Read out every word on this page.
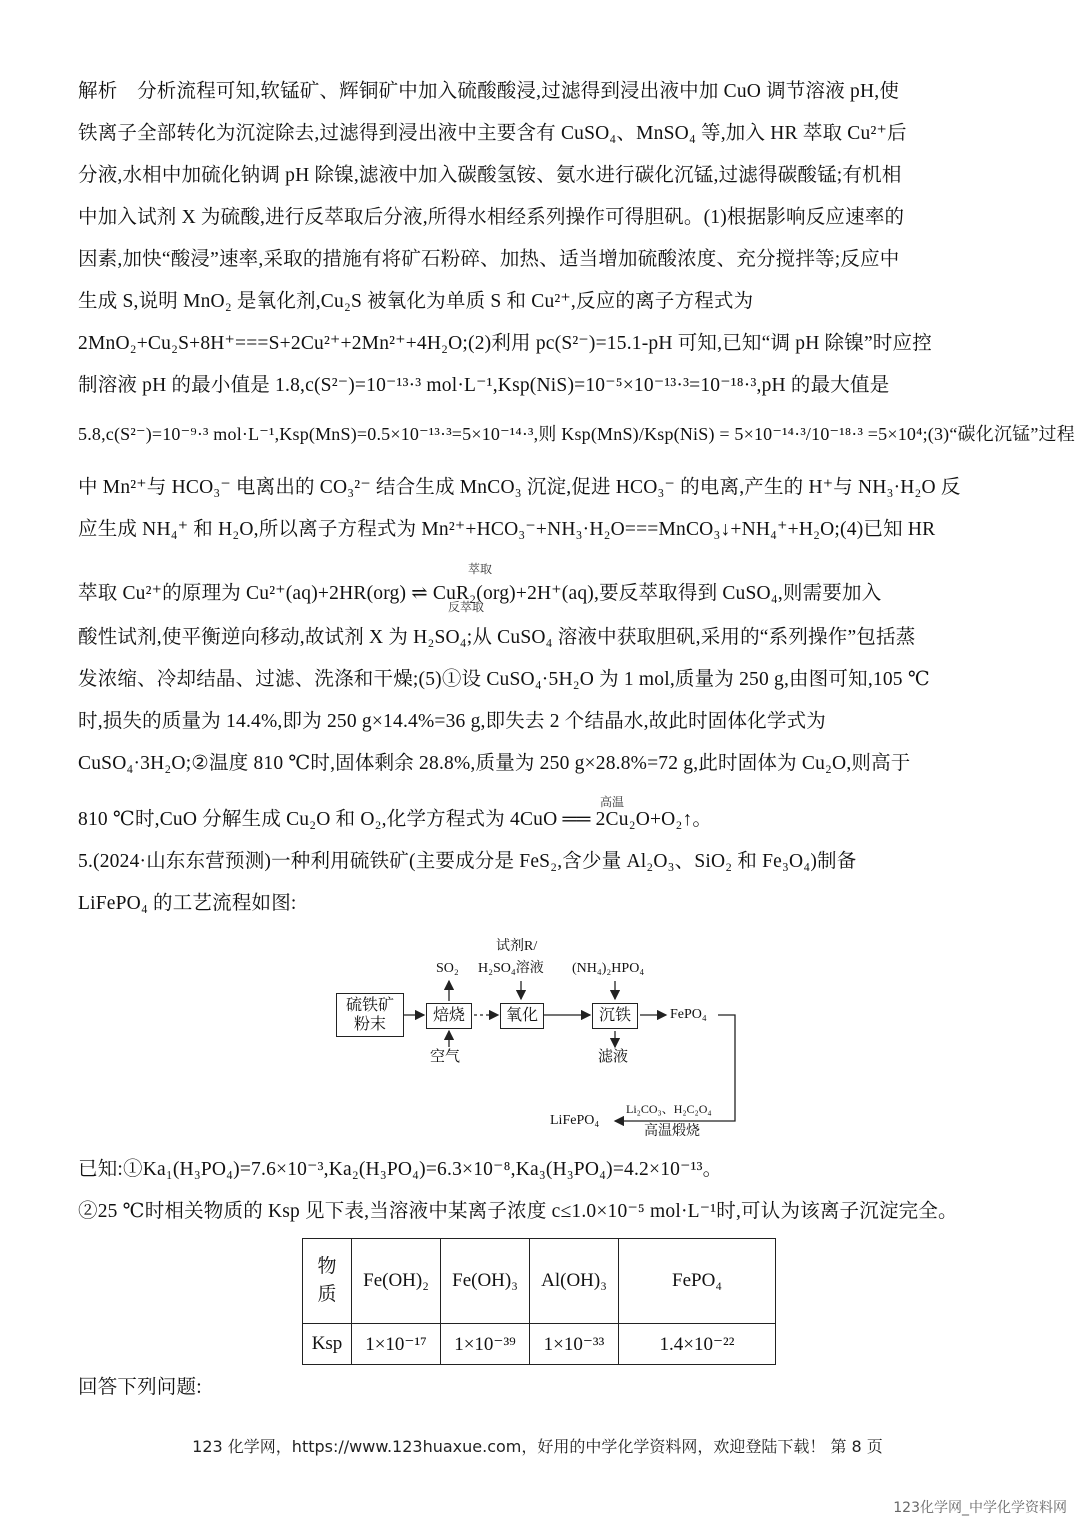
解析　分析流程可知,软锰矿、辉铜矿中加入硫酸酸浸,过滤得到浸出液中加 CuO 调节溶液 pH,使
铁离子全部转化为沉淀除去,过滤得到浸出液中主要含有 CuSO₄、MnSO₄ 等,加入 HR 萃取 Cu²⁺后
分液,水相中加硫化钠调 pH 除镍,滤液中加入碳酸氢铵、氨水进行碳化沉锰,过滤得碳酸锰;有机相
中加入试剂 X 为硫酸,进行反萃取后分液,所得水相经系列操作可得胆矾。(1)根据影响反应速率的
因素,加快“酸浸”速率,采取的措施有将矿石粉碎、加热、适当增加硫酸浓度、充分搅拌等;反应中
生成 S,说明 MnO₂ 是氧化剂,Cu₂S 被氧化为单质 S 和 Cu²⁺,反应的离子方程式为
2MnO₂+Cu₂S+8H⁺===S+2Cu²⁺+2Mn²⁺+4H₂O;(2)利用 pc(S²⁻)=15.1-pH 可知,已知“调 pH 除镍”时应控
制溶液 pH 的最小值是 1.8,c(S²⁻)=10⁻¹³·³ mol·L⁻¹,Ksp(NiS)=10⁻⁵×10⁻¹³·³=10⁻¹⁸·³,pH 的最大值是
5.8,c(S²⁻)=10⁻⁹·³ mol·L⁻¹,Ksp(MnS)=0.5×10⁻¹³·³=5×10⁻¹⁴·³,则 Ksp(MnS)/Ksp(NiS) = 5×10⁻¹⁴·³/10⁻¹⁸·³ =5×10⁴;(3)“碳化沉锰”过程
中 Mn²⁺与 HCO₃⁻ 电离出的 CO₃²⁻ 结合生成 MnCO₃ 沉淀,促进 HCO₃⁻ 的电离,产生的 H⁺与 NH₃·H₂O 反
应生成 NH₄⁺ 和 H₂O,所以离子方程式为 Mn²⁺+HCO₃⁻+NH₃·H₂O===MnCO₃↓+NH₄⁺+H₂O;(4)已知 HR
萃取 Cu²⁺的原理为 Cu²⁺(aq)+2HR(org) ⇌ CuR₂(org)+2H⁺(aq),要反萃取得到 CuSO₄,则需要加入
酸性试剂,使平衡逆向移动,故试剂 X 为 H₂SO₄;从 CuSO₄ 溶液中获取胆矾,采用的“系列操作”包括蒸
发浓缩、冷却结晶、过滤、洗涤和干燥;(5)①设 CuSO₄·5H₂O 为 1 mol,质量为 250 g,由图可知,105 ℃
时,损失的质量为 14.4%,即为 250 g×14.4%=36 g,即失去 2 个结晶水,故此时固体化学式为
CuSO₄·3H₂O;②温度 810 ℃时,固体剩余 28.8%,质量为 250 g×28.8%=72 g,此时固体为 Cu₂O,则高于
810 ℃时,CuO 分解生成 Cu₂O 和 O₂,化学方程式为 4CuO ══ 2Cu₂O+O₂↑。
萃取
反萃取
高温
5.(2024·山东东营预测)一种利用硫铁矿(主要成分是 FeS₂,含少量 Al₂O₃、SiO₂ 和 Fe₃O₄)制备
LiFePO₄ 的工艺流程如图:
硫铁矿
粉末
焙烧	氧化	沉铁
SO₂
空气
试剂R/
H₂SO₄溶液 (NH₄)₂HPO₄
滤液
FePO₄
LiFePO₄
Li₂CO₃、H₂C₂O₄
高温煅烧
已知:①Ka₁(H₃PO₄)=7.6×10⁻³,Ka₂(H₃PO₄)=6.3×10⁻⁸,Ka₃(H₃PO₄)=4.2×10⁻¹³。
②25 ℃时相关物质的 Ksp 见下表,当溶液中某离子浓度 c≤1.0×10⁻⁵ mol·L⁻¹时,可认为该离子沉淀完全。
物质	Fe(OH)₂	Fe(OH)₃	Al(OH)₃	FePO₄
Ksp	1×10⁻¹⁷	1×10⁻³⁹	1×10⁻³³	1.4×10⁻²²
回答下列问题:
123 化学网，https://www.123huaxue.com，好用的中学化学资料网，欢迎登陆下载！ 第 8 页
123化学网_中学化学资料网
